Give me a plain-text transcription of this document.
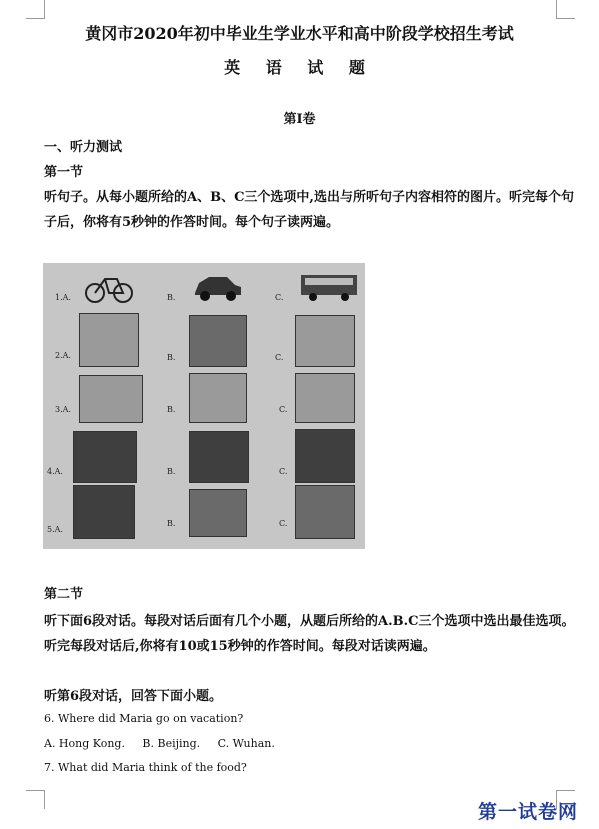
黄冈市2020年初中毕业生学业水平和高中阶段学校招生考试
英 语 试 题
第I卷
一、听力测试
第一节
听句子。从每小题所给的A、B、C三个选项中,选出与所听句子内容相符的图片。听完每个句
子后，你将有5秒钟的作答时间。每个句子读两遍。
1.A.	B.	C.
2.A.	B.	C.
3.A.	B.	C.
4.A.	B.	C.
5.A.
B.	C.
第二节
听下面6段对话。每段对话后面有几个小题，从题后所给的A.B.C三个选项中选出最佳选项。
听完每段对话后,你将有10或15秒钟的作答时间。每段对话读两遍。
听第6段对话，回答下面小题。
6. Where did Maria go on vacation?
A. Hong Kong.     B. Beijing.     C. Wuhan.
7. What did Maria think of the food?
第一试卷网
